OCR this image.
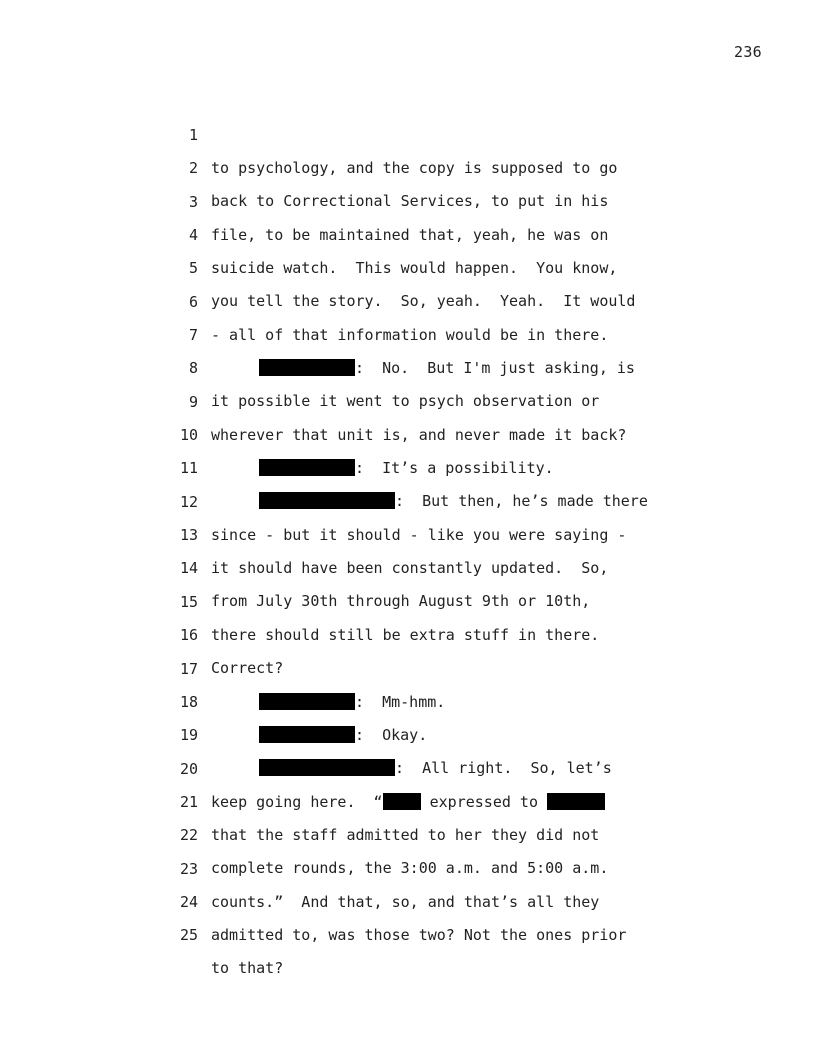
236

1

to psychology, and the copy is supposed to go

2

back to Correctional Services, to put in his

3

file, to be maintained that, yeah, he was on

4

suicide watch.  This would happen.  You know,

5

you tell the story.  So, yeah.  Yeah.  It would

6

- all of that information would be in there.

7

:  No.  But I'm just asking, is

8

it possible it went to psych observation or

9

wherever that unit is, and never made it back?

10

:  It’s a possibility.

11

:  But then, he’s made there

12

since - but it should - like you were saying -

13

it should have been constantly updated.  So,

14

from July 30th through August 9th or 10th,

15

there should still be extra stuff in there.

16

Correct?

17

:  Mm-hmm.

18

:  Okay.

19

:  All right.  So, let’s

20

keep going here.  “	expressed to

21

that the staff admitted to her they did not

22

complete rounds, the 3:00 a.m. and 5:00 a.m.

23

counts.”  And that, so, and that’s all they

24

admitted to, was those two? Not the ones prior

25

to that?
